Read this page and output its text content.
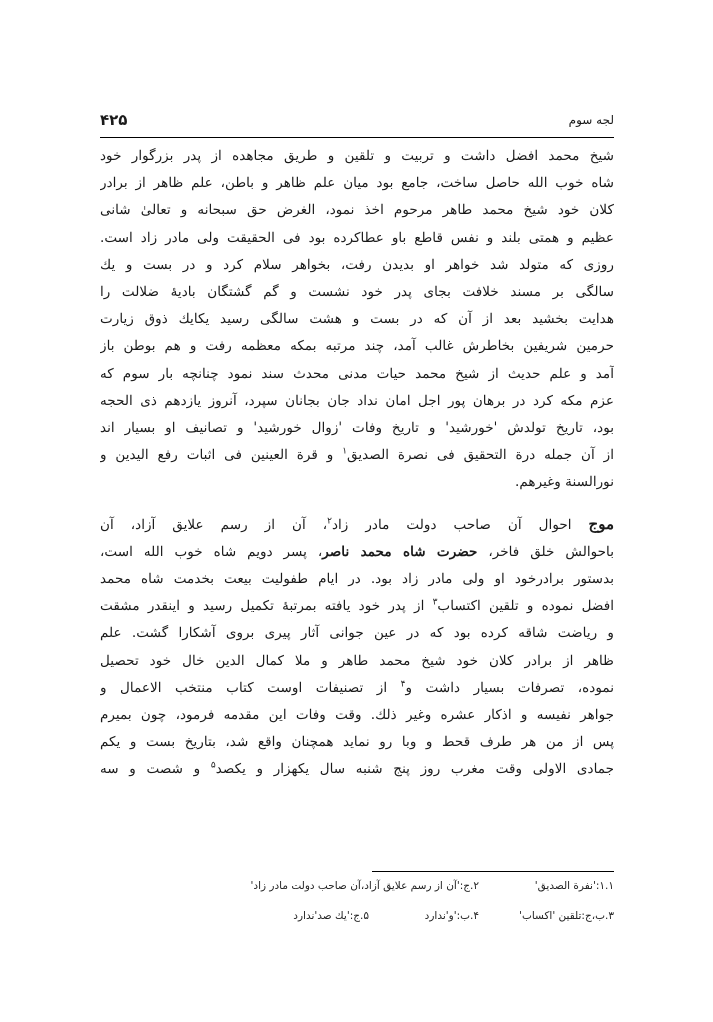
لجه سوم
۴۲۵
شیخ محمد افضل داشت و تربیت و تلقین و طریق مجاهده از پدر بزرگوار خود
شاه خوب الله حاصل ساخت، جامع بود میان علم ظاهر و باطن، علم ظاهر از برادر
کلان خود شیخ محمد طاهر مرحوم اخذ نمود، الغرض حق سبحانه و تعالیٰ شانی
عظیم و همتی بلند و نفس قاطع باو عطاکرده بود فی الحقیقت ولی مادر زاد است.
روزی که متولد شد خواهر او بدیدن رفت، بخواهر سلام کرد و در بست و یك
سالگی بر مسند خلافت بجای پدر خود نشست و گم گشتگان بادیهٔ ضلالت را
هدایت بخشید بعد از آن که در بست و هشت سالگی رسید یکایك ذوق زیارت
حرمین شریفین بخاطرش غالب آمد، چند مرتبه بمکه معظمه رفت و هم بوطن باز
آمد و علم حدیث از شیخ محمد حیات مدنی محدث سند نمود چنانچه بار سوم که
عزم مکه کرد در برهان پور اجل امان نداد جان بجانان سپرد، آنروز یازدهم ذی الحجه
بود، تاریخ تولدش 'خورشید' و تاریخ وفات 'زوال خورشید' و تصانیف او بسیار اند
از آن جمله درة التحقیق فی نصرة الصدیق$^۱$ و قرة العینین فی اثبات رفع الیدین و
نورالسنة وغیرهم.
موج احوال آن صاحب دولت مادر زاد$^۲$، آن از رسم علایق آزاد، آن
باحوالش خلق فاخر، حضرت شاه محمد ناصر، پسر دویم شاه خوب الله است،
بدستور برادرخود او ولی مادر زاد بود. در ایام طفولیت بیعت بخدمت شاه محمد
افضل نموده و تلقین اکتساب$^۳$ از پدر خود یافته بمرتبهٔ تکمیل رسید و اینقدر مشقت
و ریاضت شاقه کرده بود که در عین جوانی آثار پیری بروی آشکارا گشت. علم
ظاهر از برادر کلان خود شیخ محمد طاهر و ملا کمال الدین خال خود تحصیل
نموده، تصرفات بسیار داشت و$^۴$ از تصنیفات اوست کتاب منتخب الاعمال و
جواهر نفیسه و اذکار عشره وغیر ذلك. وقت وفات این مقدمه فرمود، چون بمیرم
پس از من هر طرف قحط و وبا رو نماید همچنان واقع شد، بتاریخ بست و یکم
جمادی الاولی وقت مغرب روز پنج شنبه سال یکهزار و یکصد$^۵$ و شصت و سه
۱.۱:'نفرة الصدیق'
۲.ج:'آن از رسم علایق آزاد،آن صاحب دولت مادر زاد'
۳.ب،ج:تلقین 'اکساب'
۴.ب:'و'ندارد
۵.ج:'یك صد'ندارد
